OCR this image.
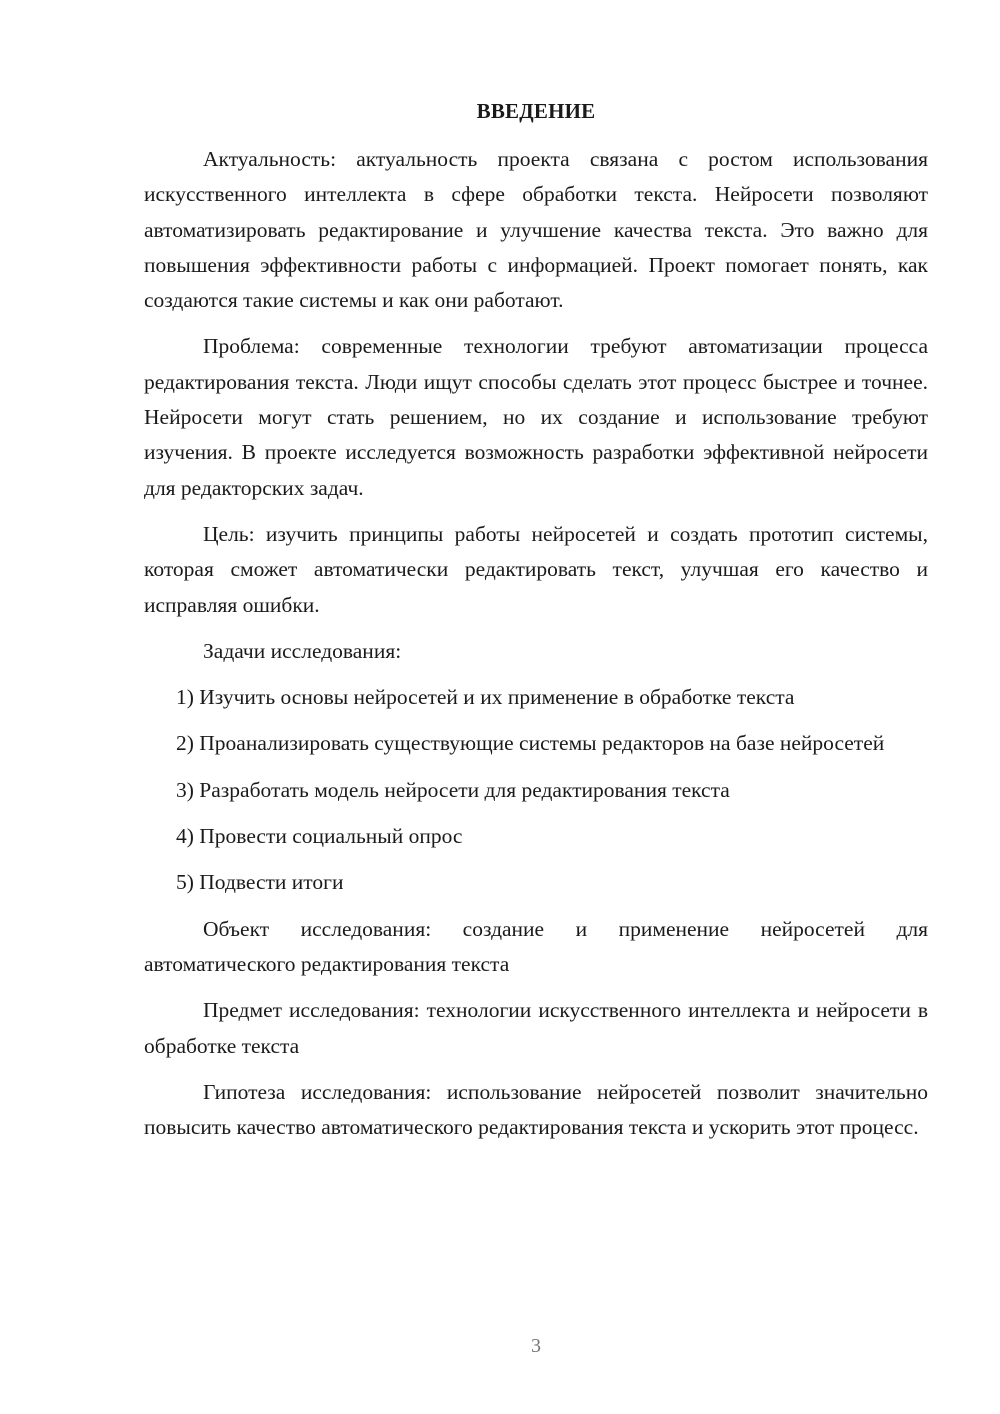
ВВЕДЕНИЕ

Актуальность: актуальность проекта связана с ростом использования искусственного интеллекта в сфере обработки текста. Нейросети позволяют автоматизировать редактирование и улучшение качества текста. Это важно для повышения эффективности работы с информацией. Проект помогает понять, как создаются такие системы и как они работают.

Проблема: современные технологии требуют автоматизации процесса редактирования текста. Люди ищут способы сделать этот процесс быстрее и точнее. Нейросети могут стать решением, но их создание и использование требуют изучения. В проекте исследуется возможность разработки эффективной нейросети для редакторских задач.

Цель: изучить принципы работы нейросетей и создать прототип системы, которая сможет автоматически редактировать текст, улучшая его качество и исправляя ошибки.

Задачи исследования:

1) Изучить основы нейросетей и их применение в обработке текста

2) Проанализировать существующие системы редакторов на базе нейросетей

3) Разработать модель нейросети для редактирования текста

4) Провести социальный опрос

5) Подвести итоги

Объект исследования: создание и применение нейросетей для автоматического редактирования текста

Предмет исследования: технологии искусственного интеллекта и нейросети в обработке текста

Гипотеза исследования: использование нейросетей позволит значительно повысить качество автоматического редактирования текста и ускорить этот процесс.

3
